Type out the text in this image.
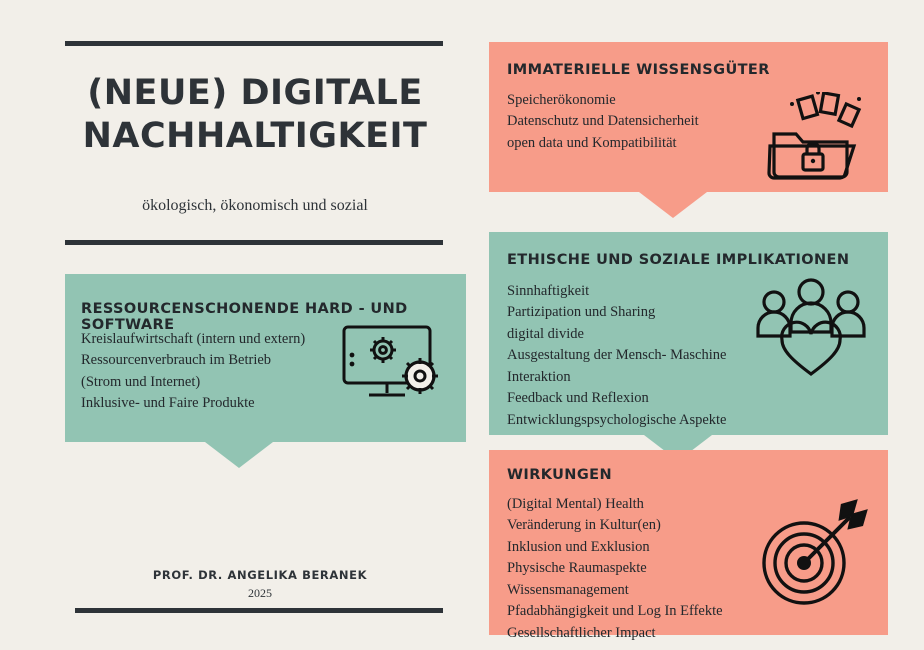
(NEUE) DIGITALE
NACHHALTIGKEIT
ökologisch, ökonomisch und sozial
IMMATERIELLE WISSENSGÜTER
Speicherökonomie
Datenschutz und Datensicherheit
open data und Kompatibilität
RESSOURCENSCHONENDE HARD - UND SOFTWARE
Kreislaufwirtschaft (intern und extern)
Ressourcenverbrauch im Betrieb
(Strom und Internet)
Inklusive- und Faire Produkte
ETHISCHE UND SOZIALE IMPLIKATIONEN
Sinnhaftigkeit
Partizipation und Sharing
digital divide
Ausgestaltung der Mensch- Maschine
Interaktion
Feedback und Reflexion
Entwicklungspsychologische Aspekte
WIRKUNGEN
(Digital Mental) Health
Veränderung in Kultur(en)
Inklusion und Exklusion
Physische Raumaspekte
Wissensmanagement
Pfadabhängigkeit und Log In Effekte
Gesellschaftlicher Impact
PROF. DR. ANGELIKA BERANEK
2025
